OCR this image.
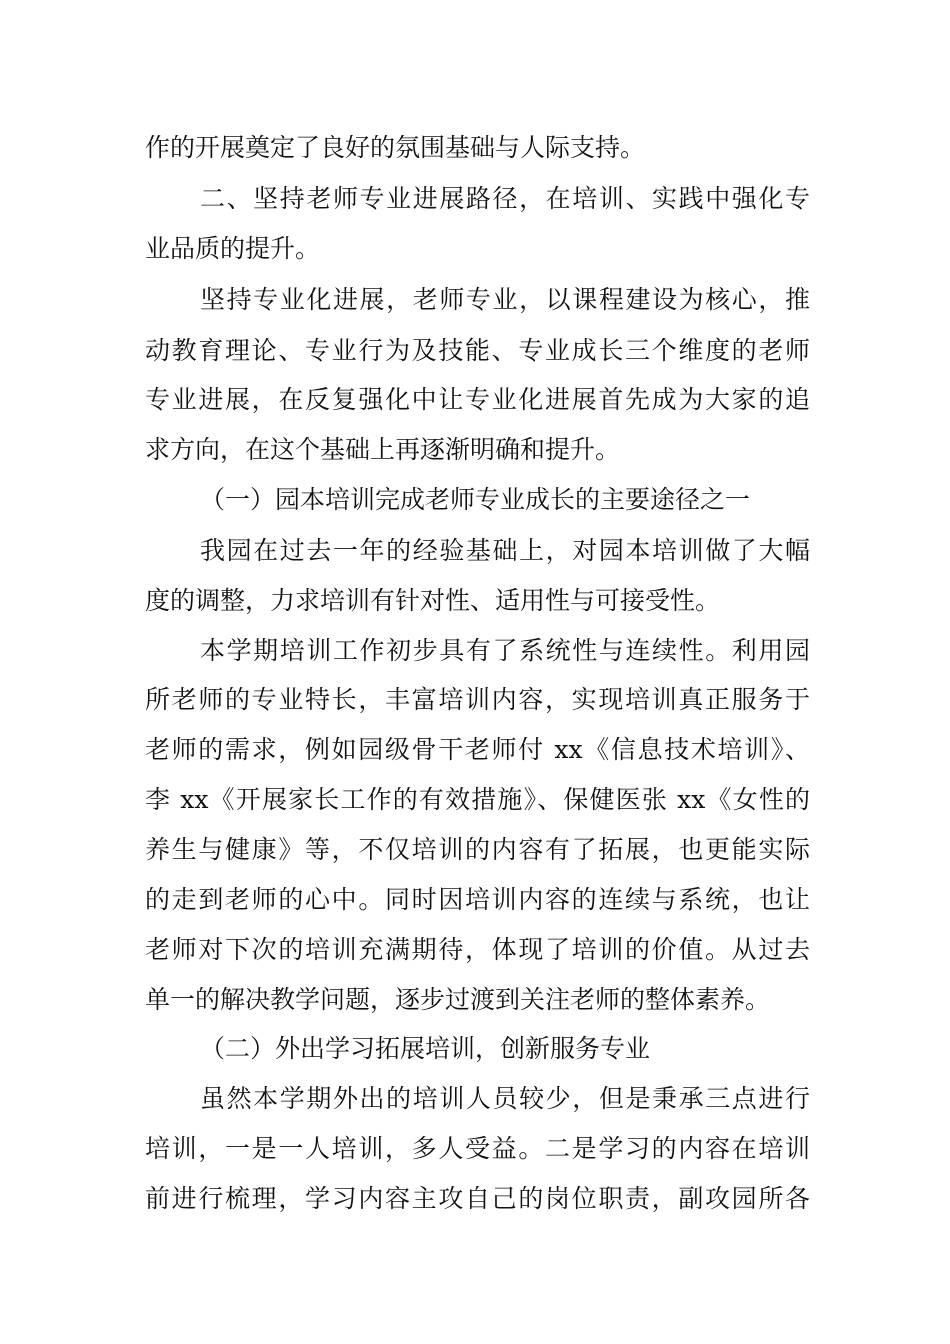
作的开展奠定了良好的氛围基础与人际支持。
二、坚持老师专业进展路径，在培训、实践中强化专
业品质的提升。
坚持专业化进展，老师专业，以课程建设为核心，推
动教育理论、专业行为及技能、专业成长三个维度的老师
专业进展，在反复强化中让专业化进展首先成为大家的追
求方向，在这个基础上再逐渐明确和提升。
（一）园本培训完成老师专业成长的主要途径之一
我园在过去一年的经验基础上，对园本培训做了大幅
度的调整，力求培训有针对性、适用性与可接受性。
本学期培训工作初步具有了系统性与连续性。利用园
所老师的专业特长，丰富培训内容，实现培训真正服务于
老师的需求，例如园级骨干老师付 xx《信息技术培训》、
李 xx《开展家长工作的有效措施》、保健医张 xx《女性的
养生与健康》等，不仅培训的内容有了拓展，也更能实际
的走到老师的心中。同时因培训内容的连续与系统，也让
老师对下次的培训充满期待，体现了培训的价值。从过去
单一的解决教学问题，逐步过渡到关注老师的整体素养。
（二）外出学习拓展培训，创新服务专业
虽然本学期外出的培训人员较少，但是秉承三点进行
培训，一是一人培训，多人受益。二是学习的内容在培训
前进行梳理，学习内容主攻自己的岗位职责，副攻园所各
